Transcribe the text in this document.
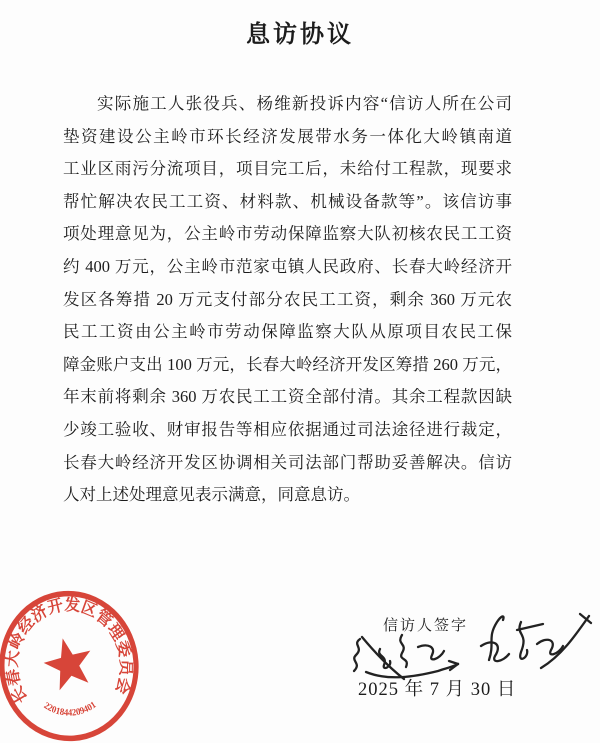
息访协议
实际施工人张役兵、杨维新投诉内容“信访人所在公司
垫资建设公主岭市环长经济发展带水务一体化大岭镇南道
工业区雨污分流项目，项目完工后，未给付工程款，现要求
帮忙解决农民工工资、材料款、机械设备款等”。该信访事
项处理意见为，公主岭市劳动保障监察大队初核农民工工资
约 400 万元，公主岭市范家屯镇人民政府、长春大岭经济开
发区各筹措 20 万元支付部分农民工工资，剩余 360 万元农
民工工资由公主岭市劳动保障监察大队从原项目农民工保
障金账户支出 100 万元，长春大岭经济开发区筹措 260 万元，
年末前将剩余 360 万农民工工资全部付清。其余工程款因缺
少竣工验收、财审报告等相应依据通过司法途径进行裁定，
长春大岭经济开发区协调相关司法部门帮助妥善解决。信访
人对上述处理意见表示满意，同意息访。
长春大岭经济开发区管理委员会
2201844209401
信访人签字
2025 年 7 月 30 日
